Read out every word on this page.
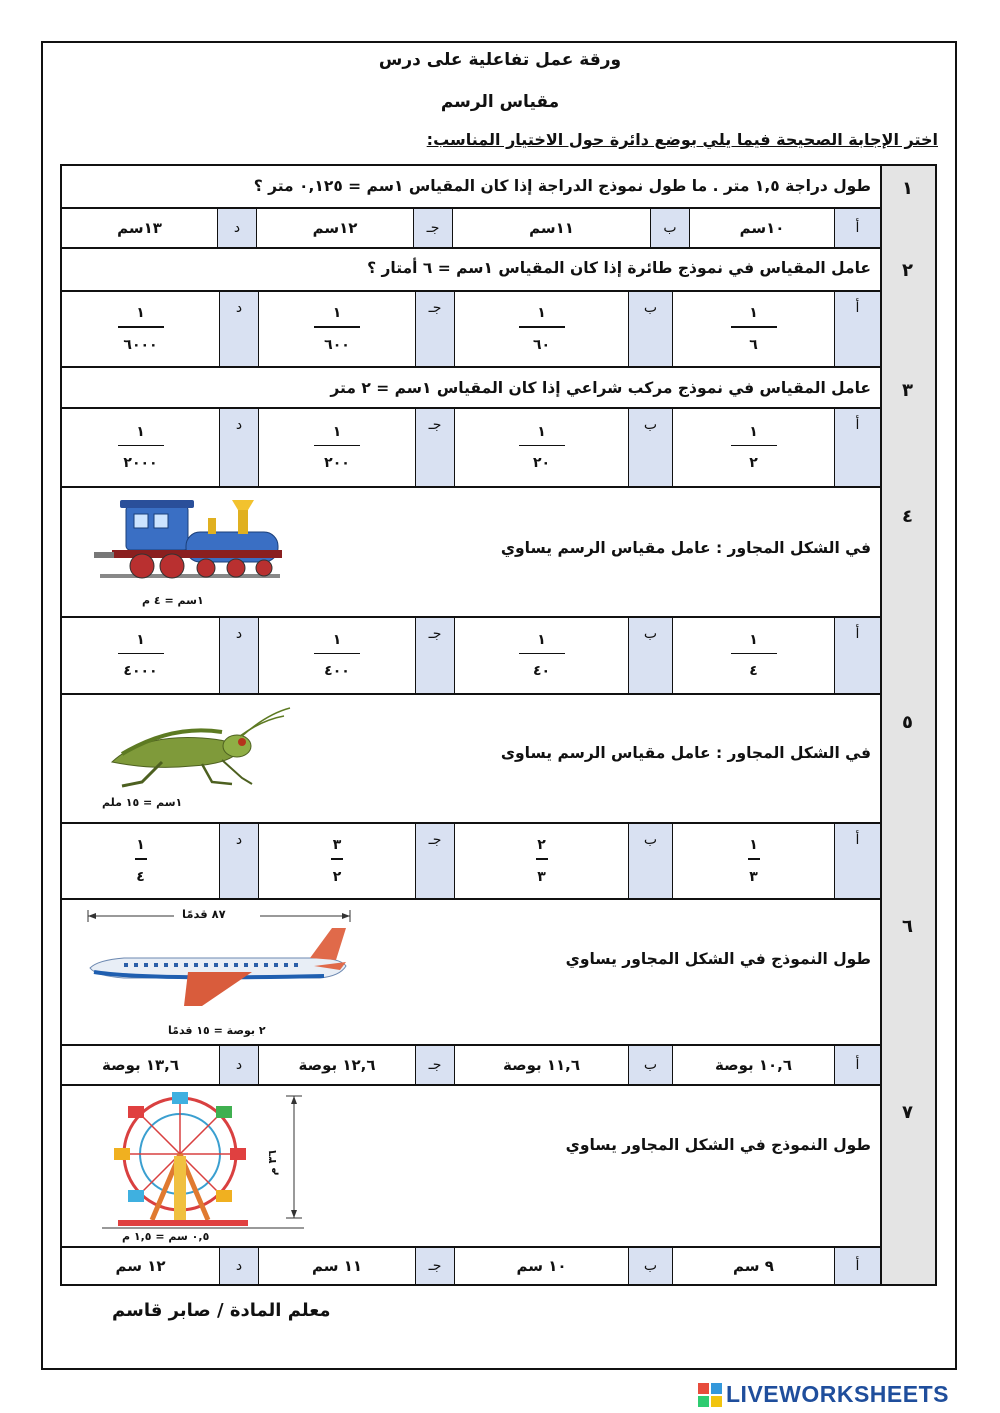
ورقة عمل تفاعلية على درس
مقياس الرسم
اختر الإجابة الصحيحة فيما يلي بوضع دائرة حول الاختيار المناسب:
١
طول دراجة ١,٥ متر . ما طول نموذج الدراجة إذا كان المقياس ١سم = ٠,١٢٥ متر ؟
أ
١٠سم
ب
١١سم
جـ
١٢سم
د
١٣سم
٢
عامل المقياس في نموذج طائرة إذا كان المقياس ١سم = ٦ أمتار ؟
أ
$\frac{١}{٦}$
ب
$\frac{١}{٦٠}$
جـ
$\frac{١}{٦٠٠}$
د
$\frac{١}{٦٠٠٠}$
٣
عامل المقياس في نموذج مركب شراعي إذا كان المقياس ١سم = ٢ متر
أ
$\frac{١}{٢}$
ب
$\frac{١}{٢٠}$
جـ
$\frac{١}{٢٠٠}$
د
$\frac{١}{٢٠٠٠}$
٤
في الشكل المجاور : عامل مقياس الرسم يساوي
١سم = ٤ م
أ
$\frac{١}{٤}$
ب
$\frac{١}{٤٠}$
جـ
$\frac{١}{٤٠٠}$
د
$\frac{١}{٤٠٠٠}$
٥
في الشكل المجاور : عامل مقياس الرسم يساوى
١سم = ١٥ ملم
أ
$\frac{١}{٣}$
ب
$\frac{٢}{٣}$
جـ
$\frac{٣}{٢}$
د
$\frac{١}{٤}$
٦
طول النموذج في الشكل المجاور يساوي
٨٧ قدمًا
٢ بوصة = ١٥ قدمًا
أ
١٠,٦ بوصة
ب
١١,٦ بوصة
جـ
١٢,٦ بوصة
د
١٣,٦ بوصة
٧
طول النموذج في الشكل المجاور يساوي
٣٦ م
٠,٥ سم = ١,٥ م
أ
٩ سم
ب
١٠ سم
جـ
١١ سم
د
١٢ سم
معلم المادة / صابر قاسم
LIVEWORKSHEETS
